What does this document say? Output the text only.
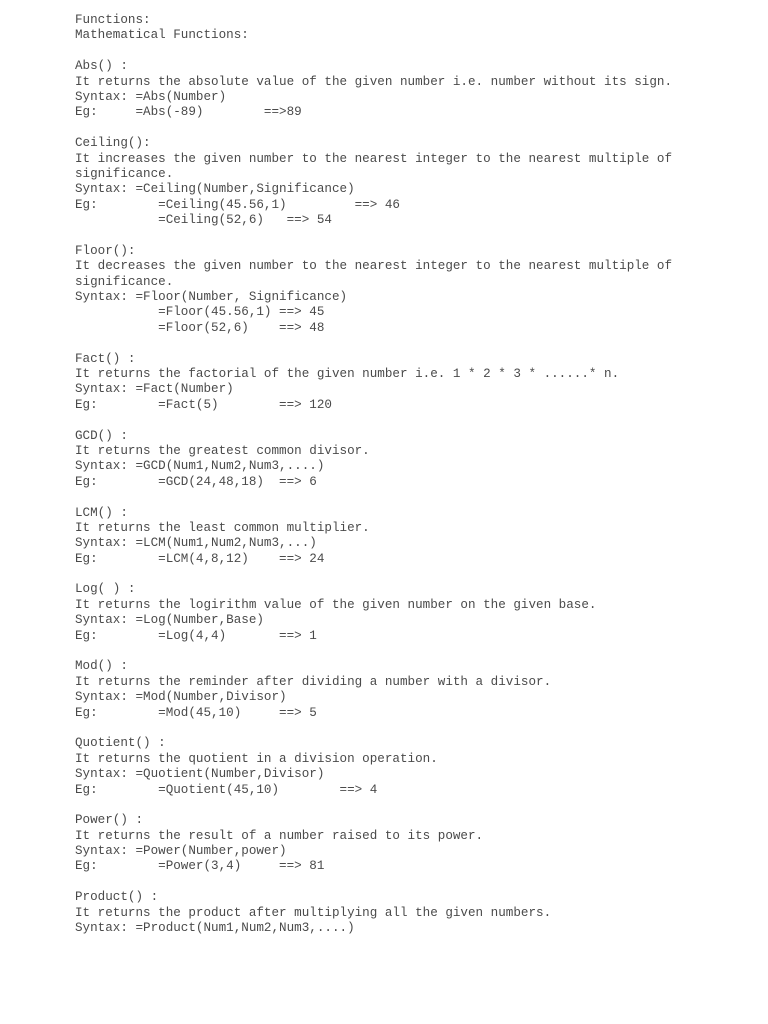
Functions:
Mathematical Functions:
Abs() :
It returns the absolute value of the given number i.e. number without its sign.
Syntax: =Abs(Number)
Eg:     =Abs(-89)        ==>89
Ceiling():
It increases the given number to the nearest integer to the nearest multiple of
significance.
Syntax: =Ceiling(Number,Significance)
Eg:        =Ceiling(45.56,1)         ==> 46
=Ceiling(52,6)   ==> 54
Floor():
It decreases the given number to the nearest integer to the nearest multiple of
significance.
Syntax: =Floor(Number, Significance)
=Floor(45.56,1) ==> 45
=Floor(52,6)    ==> 48
Fact() :
It returns the factorial of the given number i.e. 1 * 2 * 3 * ......* n.
Syntax: =Fact(Number)
Eg:        =Fact(5)        ==> 120
GCD() :
It returns the greatest common divisor.
Syntax: =GCD(Num1,Num2,Num3,....)
Eg:        =GCD(24,48,18)  ==> 6
LCM() :
It returns the least common multiplier.
Syntax: =LCM(Num1,Num2,Num3,...)
Eg:        =LCM(4,8,12)    ==> 24
Log( ) :
It returns the logirithm value of the given number on the given base.
Syntax: =Log(Number,Base)
Eg:        =Log(4,4)       ==> 1
Mod() :
It returns the reminder after dividing a number with a divisor.
Syntax: =Mod(Number,Divisor)
Eg:        =Mod(45,10)     ==> 5
Quotient() :
It returns the quotient in a division operation.
Syntax: =Quotient(Number,Divisor)
Eg:        =Quotient(45,10)        ==> 4
Power() :
It returns the result of a number raised to its power.
Syntax: =Power(Number,power)
Eg:        =Power(3,4)     ==> 81
Product() :
It returns the product after multiplying all the given numbers.
Syntax: =Product(Num1,Num2,Num3,....)
